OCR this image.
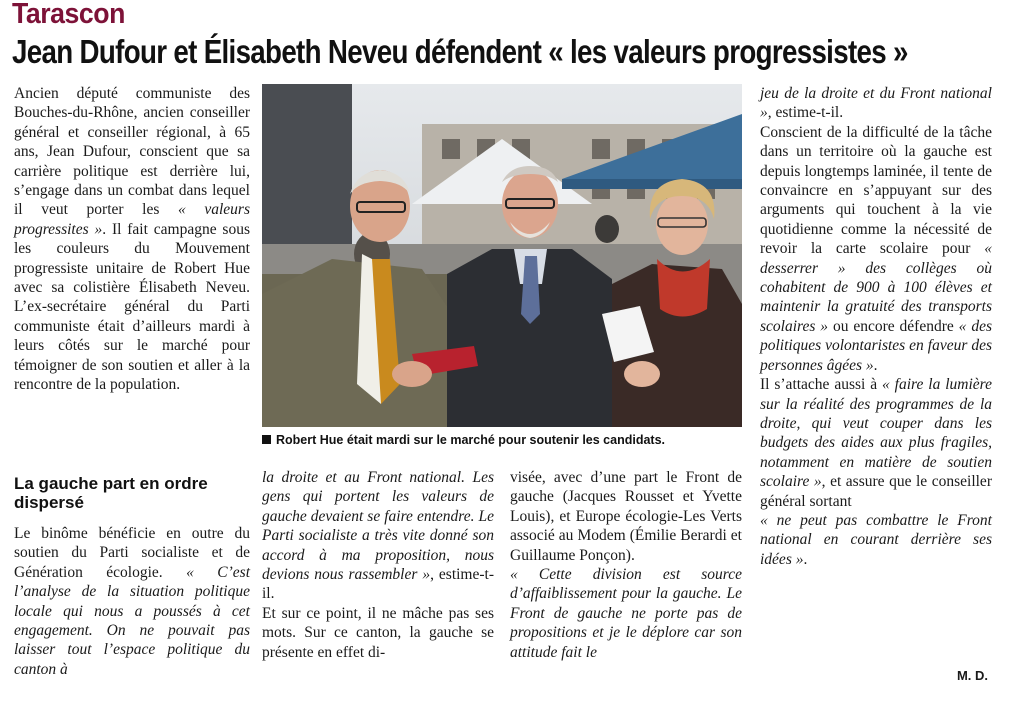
Tarascon
Jean Dufour et Élisabeth Neveu défendent « les valeurs progressistes »

Ancien député communiste des Bouches-du-Rhône, ancien conseiller général et conseiller régional, à 65 ans, Jean Dufour, conscient que sa carrière politique est derrière lui, s’engage dans un combat dans lequel il veut porter les « valeurs progressites ». Il fait campagne sous les couleurs du Mouvement progressiste unitaire de Robert Hue avec sa colistière Élisabeth Neveu. L’ex-secrétaire général du Parti communiste était d’ailleurs mardi à leurs côtés sur le marché pour témoigner de son soutien et aller à la rencontre de la population.

La gauche part en ordre dispersé

Le binôme bénéficie en outre du soutien du Parti socialiste et de Génération écologie. « C’est l’analyse de la situation politique locale qui nous a poussés à cet engagement. On ne pouvait pas laisser tout l’espace politique du canton à

Robert Hue était mardi sur le marché pour soutenir les candidats.

la droite et au Front national. Les gens qui portent les valeurs de gauche devaient se faire entendre. Le Parti socialiste a très vite donné son accord à ma proposition, nous devions nous rassembler », estime-t-il.

Et sur ce point, il ne mâche pas ses mots. Sur ce canton, la gauche se présente en effet di-

visée, avec d’une part le Front de gauche (Jacques Rousset et Yvette Louis), et Europe écologie-Les Verts associé au Modem (Émilie Berardi et Guillaume Ponçon).

« Cette division est source d’affaiblissement pour la gauche. Le Front de gauche ne porte pas de propositions et je le déplore car son attitude fait le

jeu de la droite et du Front national », estime-t-il.

Conscient de la difficulté de la tâche dans un territoire où la gauche est depuis longtemps laminée, il tente de convaincre en s’appuyant sur des arguments qui touchent à la vie quotidienne comme la nécessité de revoir la carte scolaire pour « desserrer » des collèges où cohabitent de 900 à 100 élèves et maintenir la gratuité des transports scolaires » ou encore défendre « des politiques volontaristes en faveur des personnes âgées ».

Il s’attache aussi à « faire la lumière sur la réalité des programmes de la droite, qui veut couper dans les budgets des aides aux plus fragiles, notamment en matière de soutien scolaire », et assure que le conseiller général sortant

« ne peut pas combattre le Front national en courant derrière ses idées ».

M. D.
